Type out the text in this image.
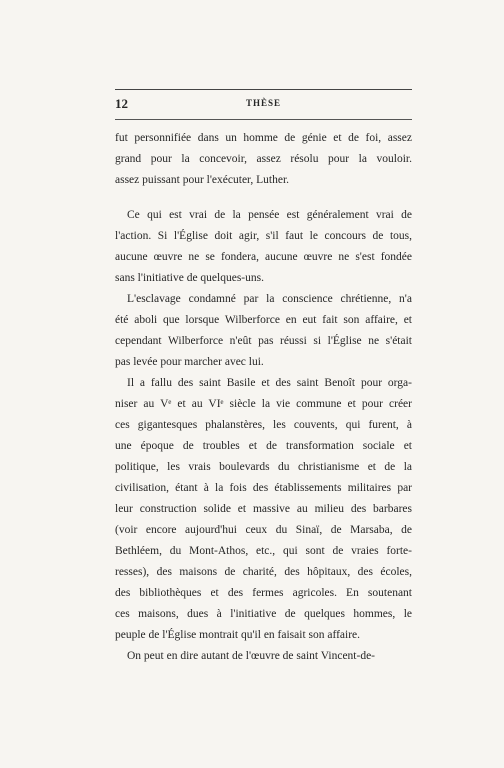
12	THÈSE
fut personnifiée dans un homme de génie et de foi, assez
grand pour la concevoir, assez résolu pour la vouloir.
assez puissant pour l'exécuter, Luther.
Ce qui est vrai de la pensée est généralement vrai de
l'action. Si l'Église doit agir, s'il faut le concours de tous,
aucune œuvre ne se fondera, aucune œuvre ne s'est fondée
sans l'initiative de quelques-uns.
L'esclavage condamné par la conscience chrétienne, n'a
été aboli que lorsque Wilberforce en eut fait son affaire, et
cependant Wilberforce n'eût pas réussi si l'Église ne s'était
pas levée pour marcher avec lui.
Il a fallu des saint Basile et des saint Benoît pour orga-
niser au Vᵉ et au VIᵉ siècle la vie commune et pour créer
ces gigantesques phalanstères, les couvents, qui furent, à
une époque de troubles et de transformation sociale et
politique, les vrais boulevards du christianisme et de la
civilisation, étant à la fois des établissements militaires par
leur construction solide et massive au milieu des barbares
(voir encore aujourd'hui ceux du Sinaï, de Marsaba, de
Bethléem, du Mont-Athos, etc., qui sont de vraies forte-
resses), des maisons de charité, des hôpitaux, des écoles,
des bibliothèques et des fermes agricoles. En soutenant
ces maisons, dues à l'initiative de quelques hommes, le
peuple de l'Église montrait qu'il en faisait son affaire.
On peut en dire autant de l'œuvre de saint Vincent-de-
